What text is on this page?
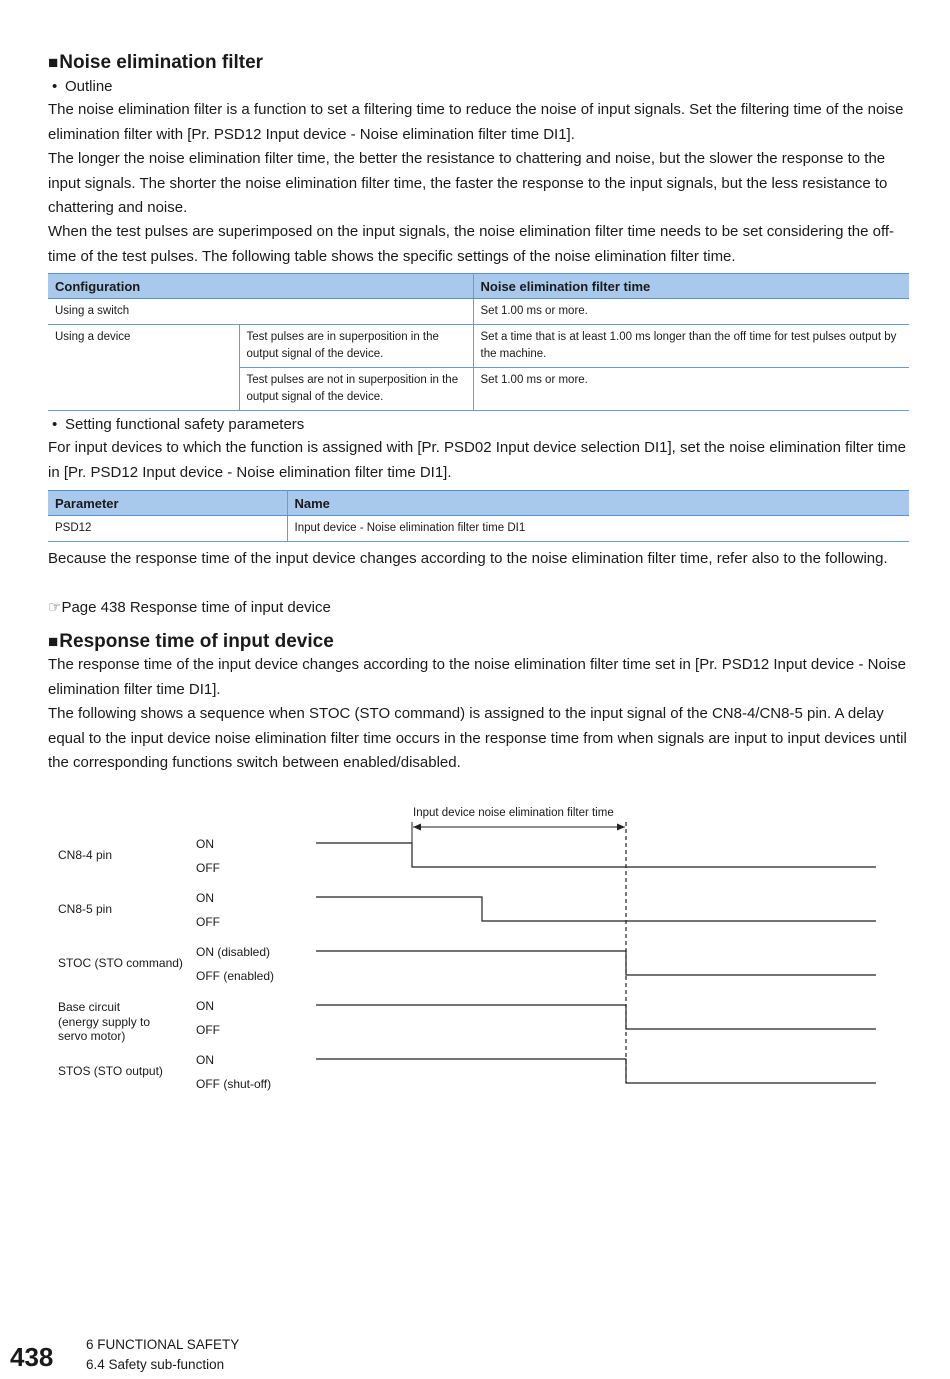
■Noise elimination filter
• Outline

The noise elimination filter is a function to set a filtering time to reduce the noise of input signals. Set the filtering time of the noise elimination filter with [Pr. PSD12 Input device - Noise elimination filter time DI1].

The longer the noise elimination filter time, the better the resistance to chattering and noise, but the slower the response to the input signals. The shorter the noise elimination filter time, the faster the response to the input signals, but the less resistance to chattering and noise.

When the test pulses are superimposed on the input signals, the noise elimination filter time needs to be set considering the off-time of the test pulses. The following table shows the specific settings of the noise elimination filter time.

Configuration		Noise elimination filter time
Using a switch		Set 1.00 ms or more.
Using a device	Test pulses are in superposition in the output signal of the device.	Set a time that is at least 1.00 ms longer than the off time for test pulses output by the machine.
	Test pulses are not in superposition in the output signal of the device.	Set 1.00 ms or more.
• Setting functional safety parameters

For input devices to which the function is assigned with [Pr. PSD02 Input device selection DI1], set the noise elimination filter time in [Pr. PSD12 Input device - Noise elimination filter time DI1].

Parameter	Name
PSD12	Input device - Noise elimination filter time DI1

Because the response time of the input device changes according to the noise elimination filter time, refer also to the following.

☞Page 438 Response time of input device
■Response time of input device

The response time of the input device changes according to the noise elimination filter time set in [Pr. PSD12 Input device - Noise elimination filter time DI1].

The following shows a sequence when STOC (STO command) is assigned to the input signal of the CN8-4/CN8-5 pin. A delay equal to the input device noise elimination filter time occurs in the response time from when signals are input to input devices until the corresponding functions switch between enabled/disabled.

Input device noise elimination filter time
CN8-4 pin
ON
OFF
CN8-5 pin
ON
OFF
STOC (STO command)
ON (disabled)
OFF (enabled)
Base circuit
(energy supply to
servo motor)
ON
OFF
STOS (STO output)
ON
OFF (shut-off)
438 6 FUNCTIONAL SAFETY
6.4 Safety sub-function
